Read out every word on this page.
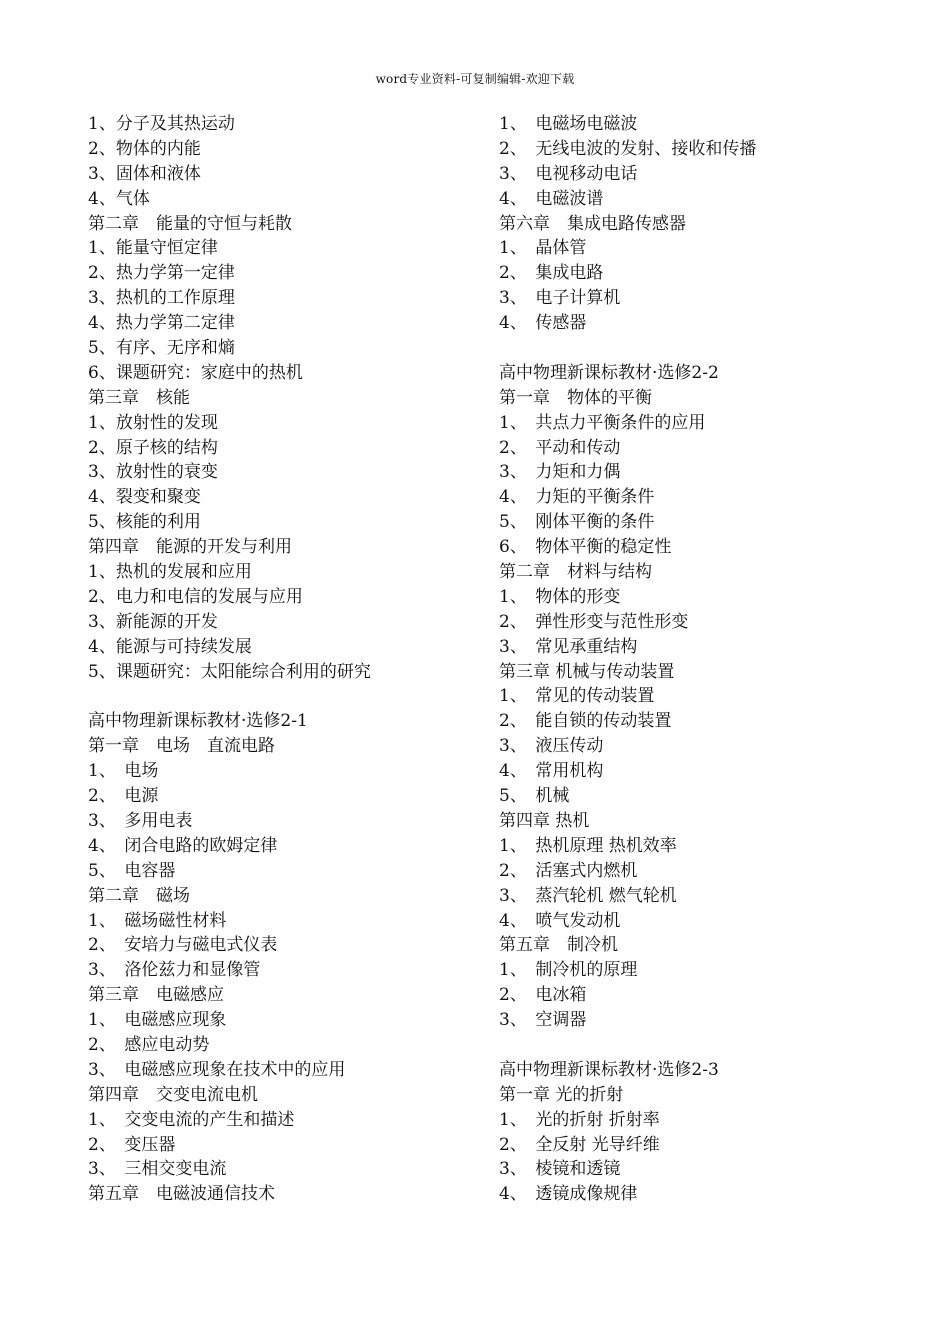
word专业资料-可复制编辑-欢迎下载
1、分子及其热运动
2、物体的内能
3、固体和液体
4、气体
第二章　能量的守恒与耗散
1、能量守恒定律
2、热力学第一定律
3、热机的工作原理
4、热力学第二定律
5、有序、无序和熵
6、课题研究：家庭中的热机
第三章　核能
1、放射性的发现
2、原子核的结构
3、放射性的衰变
4、裂变和聚变
5、核能的利用
第四章　能源的开发与利用
1、热机的发展和应用
2、电力和电信的发展与应用
3、新能源的开发
4、能源与可持续发展
5、课题研究：太阳能综合利用的研究
高中物理新课标教材·选修2-1
第一章　电场　直流电路
1、　电场
2、　电源
3、　多用电表
4、　闭合电路的欧姆定律
5、　电容器
第二章　磁场
1、　磁场磁性材料
2、　安培力与磁电式仪表
3、　洛伦兹力和显像管
第三章　电磁感应
1、　电磁感应现象
2、　感应电动势
3、　电磁感应现象在技术中的应用
第四章　交变电流电机
1、　交变电流的产生和描述
2、　变压器
3、　三相交变电流
第五章　电磁波通信技术
1、　电磁场电磁波
2、　无线电波的发射、接收和传播
3、　电视移动电话
4、　电磁波谱
第六章　集成电路传感器
1、　晶体管
2、　集成电路
3、　电子计算机
4、　传感器
高中物理新课标教材·选修2-2
第一章　物体的平衡
1、　共点力平衡条件的应用
2、　平动和传动
3、　力矩和力偶
4、　力矩的平衡条件
5、　刚体平衡的条件
6、　物体平衡的稳定性
第二章　材料与结构
1、　物体的形变
2、　弹性形变与范性形变
3、　常见承重结构
第三章 机械与传动装置
1、　常见的传动装置
2、　能自锁的传动装置
3、　液压传动
4、　常用机构
5、　机械
第四章 热机
1、　热机原理 热机效率
2、　活塞式内燃机
3、　蒸汽轮机 燃气轮机
4、　喷气发动机
第五章　制冷机
1、　制冷机的原理
2、　电冰箱
3、　空调器
高中物理新课标教材·选修2-3
第一章 光的折射
1、　光的折射 折射率
2、　全反射 光导纤维
3、　棱镜和透镜
4、　透镜成像规律
